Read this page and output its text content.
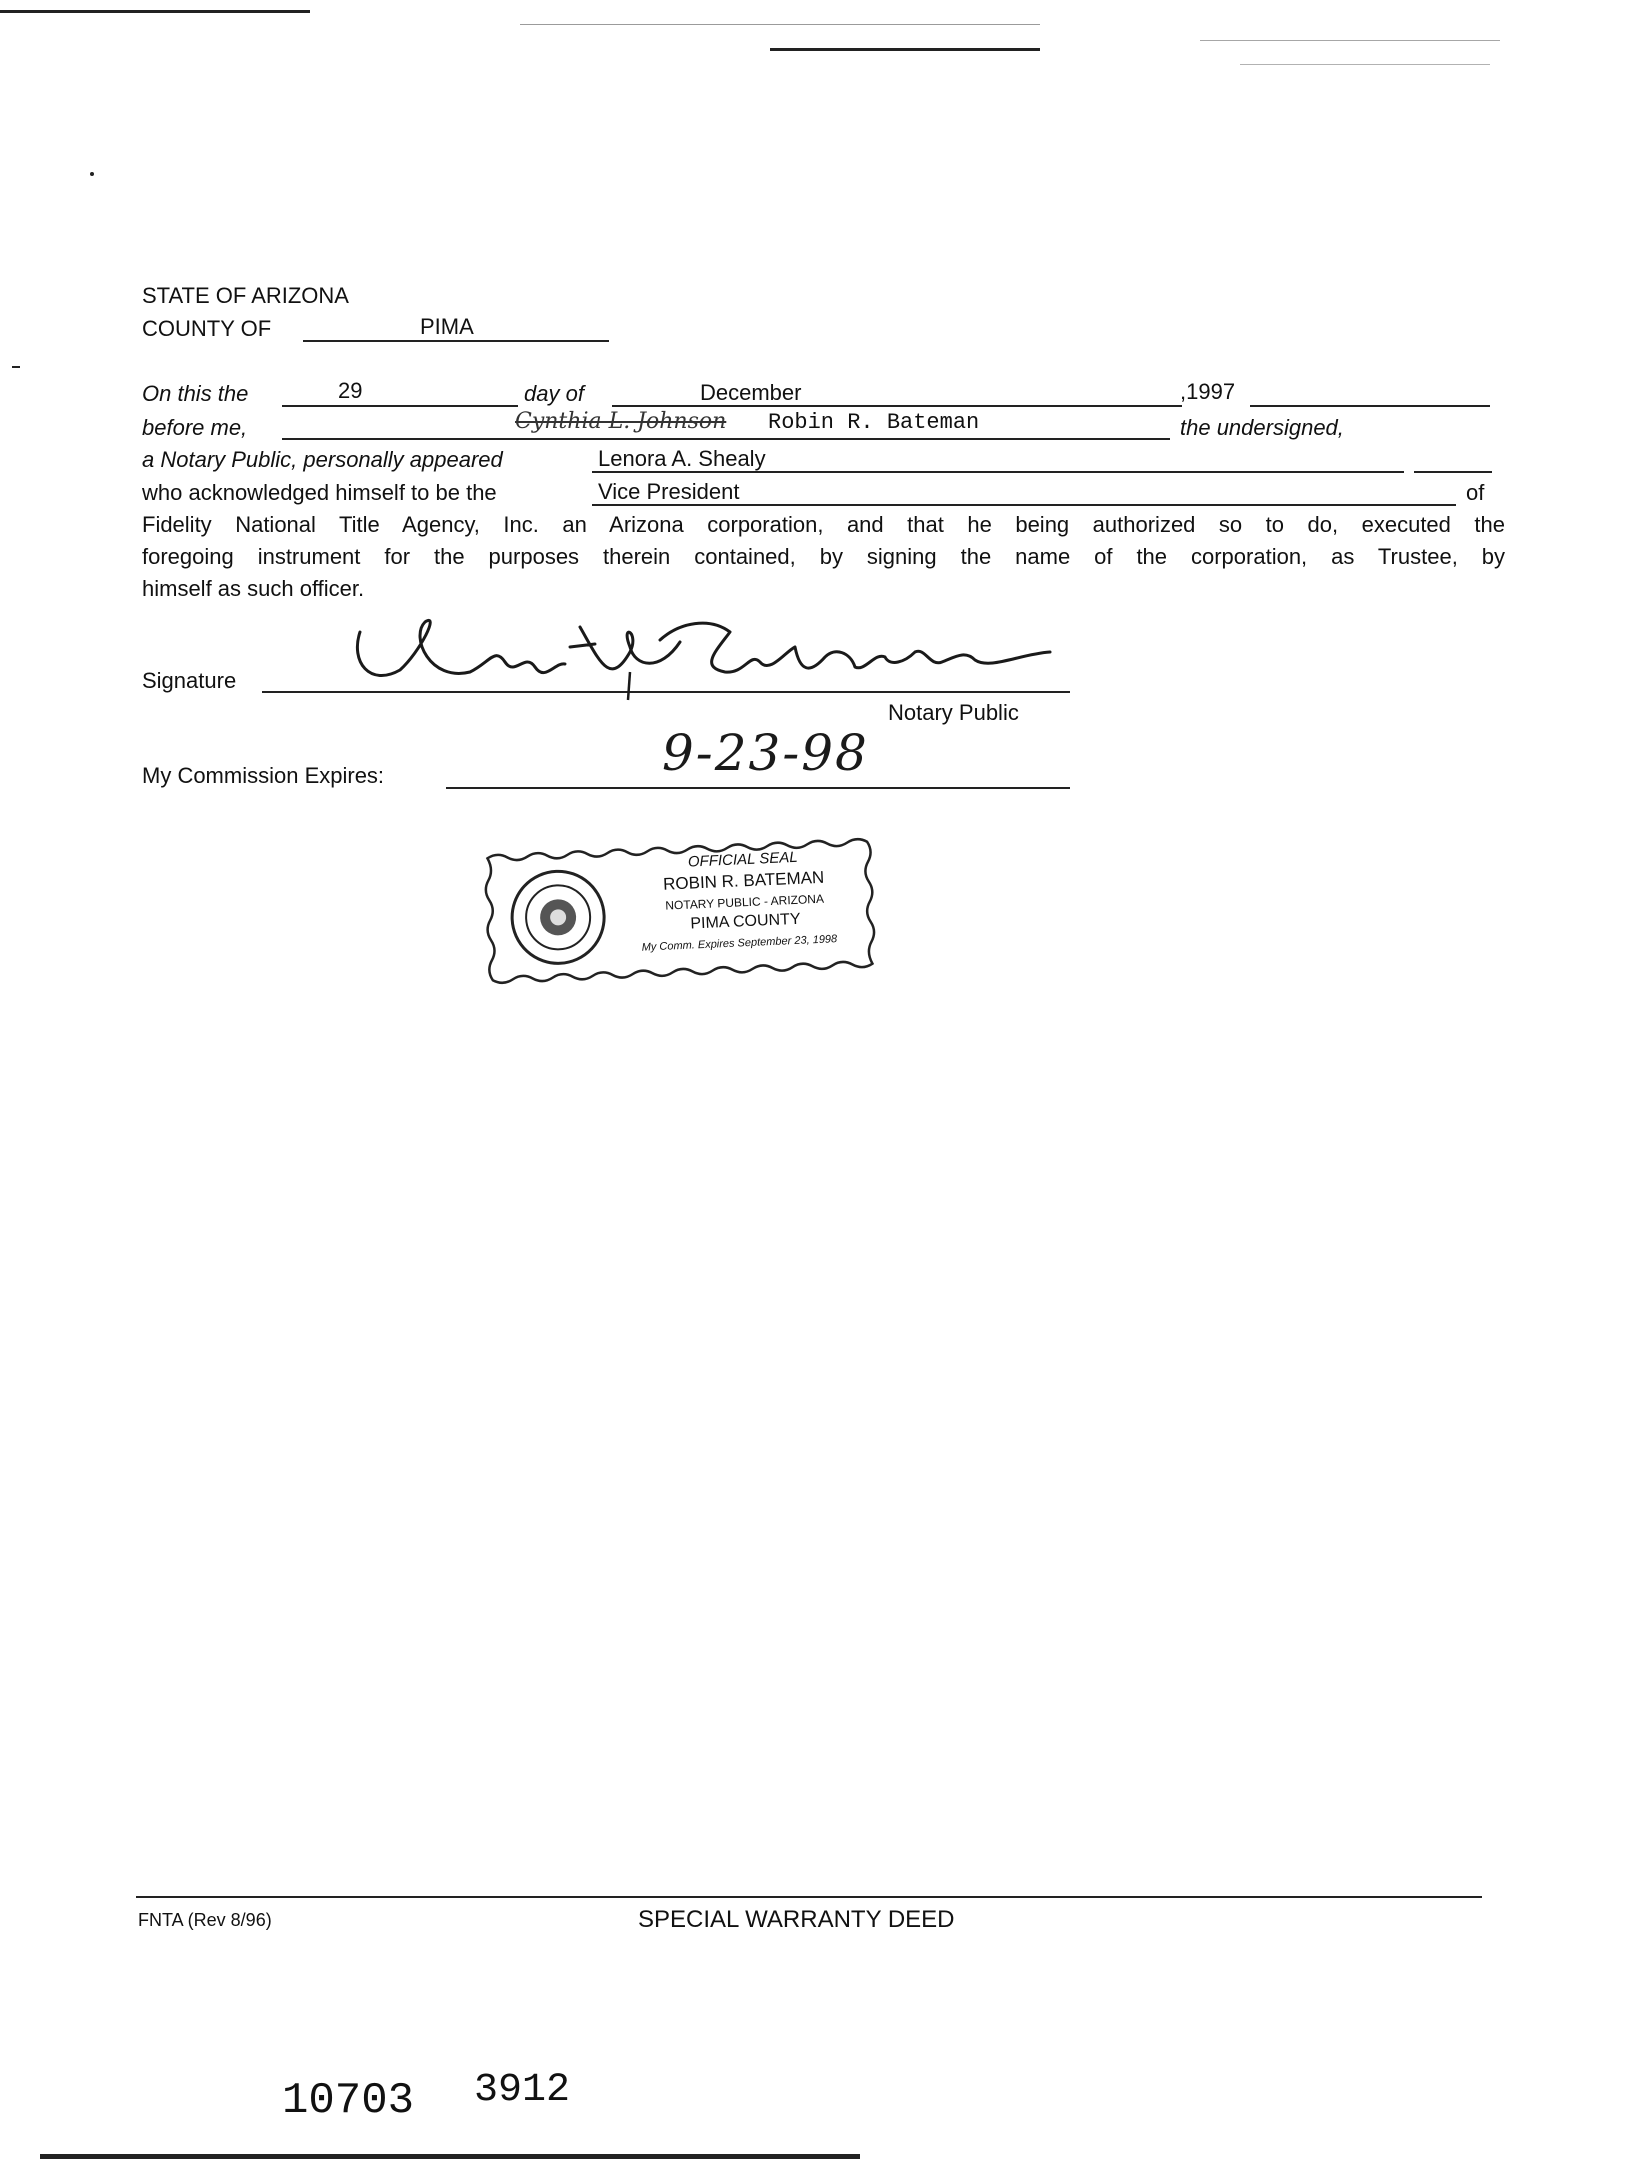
STATE OF ARIZONA
COUNTY OF	PIMA
On this the	29	day of	December	,1997
before me,	Cynthia L. Johnson Robin R. Bateman	the undersigned,
a Notary Public, personally appeared	Lenora A. Shealy
who acknowledged himself to be the	Vice President	of
Fidelity National Title Agency, Inc. an Arizona corporation, and that he being authorized so to do, executed the
foregoing instrument for the purposes therein contained, by signing the name of the corporation, as Trustee, by
himself as such officer.
Signature
Notary Public
My Commission Expires:	9-23-98
OFFICIAL SEAL
ROBIN R. BATEMAN
NOTARY PUBLIC - ARIZONA
PIMA COUNTY
My Comm. Expires September 23, 1998
FNTA (Rev 8/96)	SPECIAL WARRANTY DEED
10703 3912
